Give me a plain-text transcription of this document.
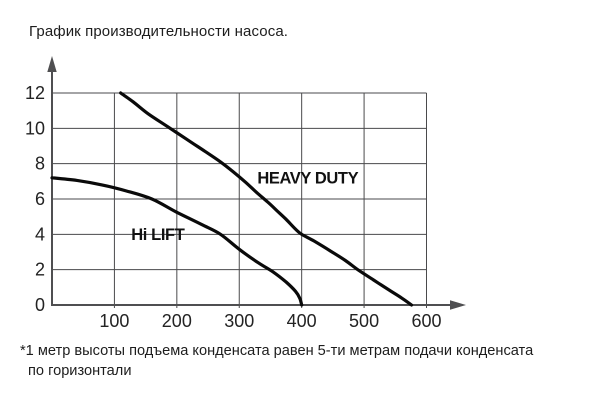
График производительности насоса.
100 200 300 400 500 600
0
2
4
6
8
10
12
Hi LIFT
HEAVY DUTY
*1 метр высоты подъема конденсата равен 5-ти метрам подачи конденсата
по горизонтали
